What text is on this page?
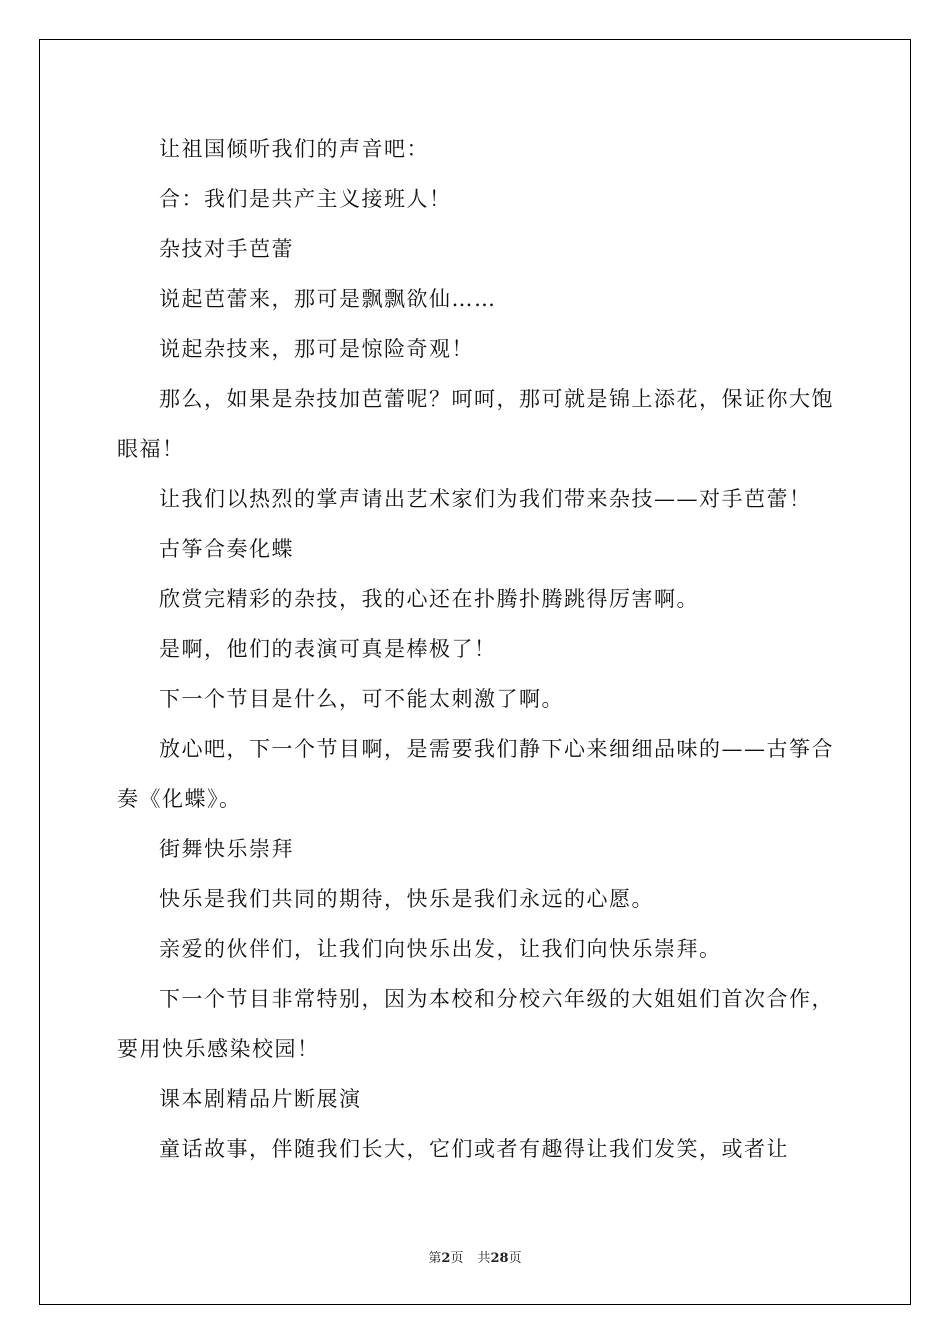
让祖国倾听我们的声音吧：

合：我们是共产主义接班人！

杂技对手芭蕾

说起芭蕾来，那可是飘飘欲仙……

说起杂技来，那可是惊险奇观！

那么，如果是杂技加芭蕾呢？呵呵，那可就是锦上添花，保证你大饱眼福！

让我们以热烈的掌声请出艺术家们为我们带来杂技——对手芭蕾！

古筝合奏化蝶

欣赏完精彩的杂技，我的心还在扑腾扑腾跳得厉害啊。

是啊，他们的表演可真是棒极了！

下一个节目是什么，可不能太刺激了啊。

放心吧，下一个节目啊，是需要我们静下心来细细品味的——古筝合奏《化蝶》。

街舞快乐崇拜

快乐是我们共同的期待，快乐是我们永远的心愿。

亲爱的伙伴们，让我们向快乐出发，让我们向快乐崇拜。

下一个节目非常特别，因为本校和分校六年级的大姐姐们首次合作，要用快乐感染校园！

课本剧精品片断展演

童话故事，伴随我们长大，它们或者有趣得让我们发笑，或者让

第2页 共28页
